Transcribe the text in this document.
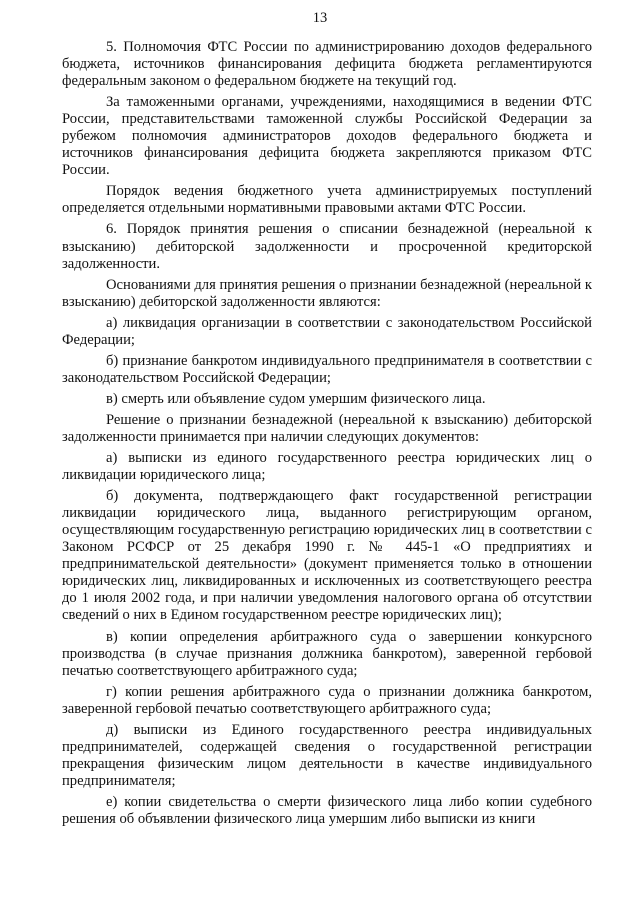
13

5. Полномочия ФТС России по администрированию доходов федерального бюджета, источников финансирования дефицита бюджета регламентируются федеральным законом о федеральном бюджете на текущий год.

За таможенными органами, учреждениями, находящимися в ведении ФТС России, представительствами таможенной службы Российской Федерации за рубежом полномочия администраторов доходов федерального бюджета и источников финансирования дефицита бюджета закрепляются приказом ФТС России.

Порядок ведения бюджетного учета администрируемых поступлений определяется отдельными нормативными правовыми актами ФТС России.

6. Порядок принятия решения о списании безнадежной (нереальной к взысканию) дебиторской задолженности и просроченной кредиторской задолженности.

Основаниями для принятия решения о признании безнадежной (нереальной к взысканию) дебиторской задолженности являются:

а) ликвидация организации в соответствии с законодательством Российской Федерации;

б) признание банкротом индивидуального предпринимателя в соответствии с законодательством Российской Федерации;

в) смерть или объявление судом умершим физического лица.

Решение о признании безнадежной (нереальной к взысканию) дебиторской задолженности принимается при наличии следующих документов:

а) выписки из единого государственного реестра юридических лиц о ликвидации юридического лица;

б) документа, подтверждающего факт государственной регистрации ликвидации юридического лица, выданного регистрирующим органом, осуществляющим государственную регистрацию юридических лиц в соответствии с Законом РСФСР от 25 декабря 1990 г. № 445-1 «О предприятиях и предпринимательской деятельности» (документ применяется только в отношении юридических лиц, ликвидированных и исключенных из соответствующего реестра до 1 июля 2002 года, и при наличии уведомления налогового органа об отсутствии сведений о них в Едином государственном реестре юридических лиц);

в) копии определения арбитражного суда о завершении конкурсного производства (в случае признания должника банкротом), заверенной гербовой печатью соответствующего арбитражного суда;

г) копии решения арбитражного суда о признании должника банкротом, заверенной гербовой печатью соответствующего арбитражного суда;

д) выписки из Единого государственного реестра индивидуальных предпринимателей, содержащей сведения о государственной регистрации прекращения физическим лицом деятельности в качестве индивидуального предпринимателя;

е) копии свидетельства о смерти физического лица либо копии судебного решения об объявлении физического лица умершим либо выписки из книги
